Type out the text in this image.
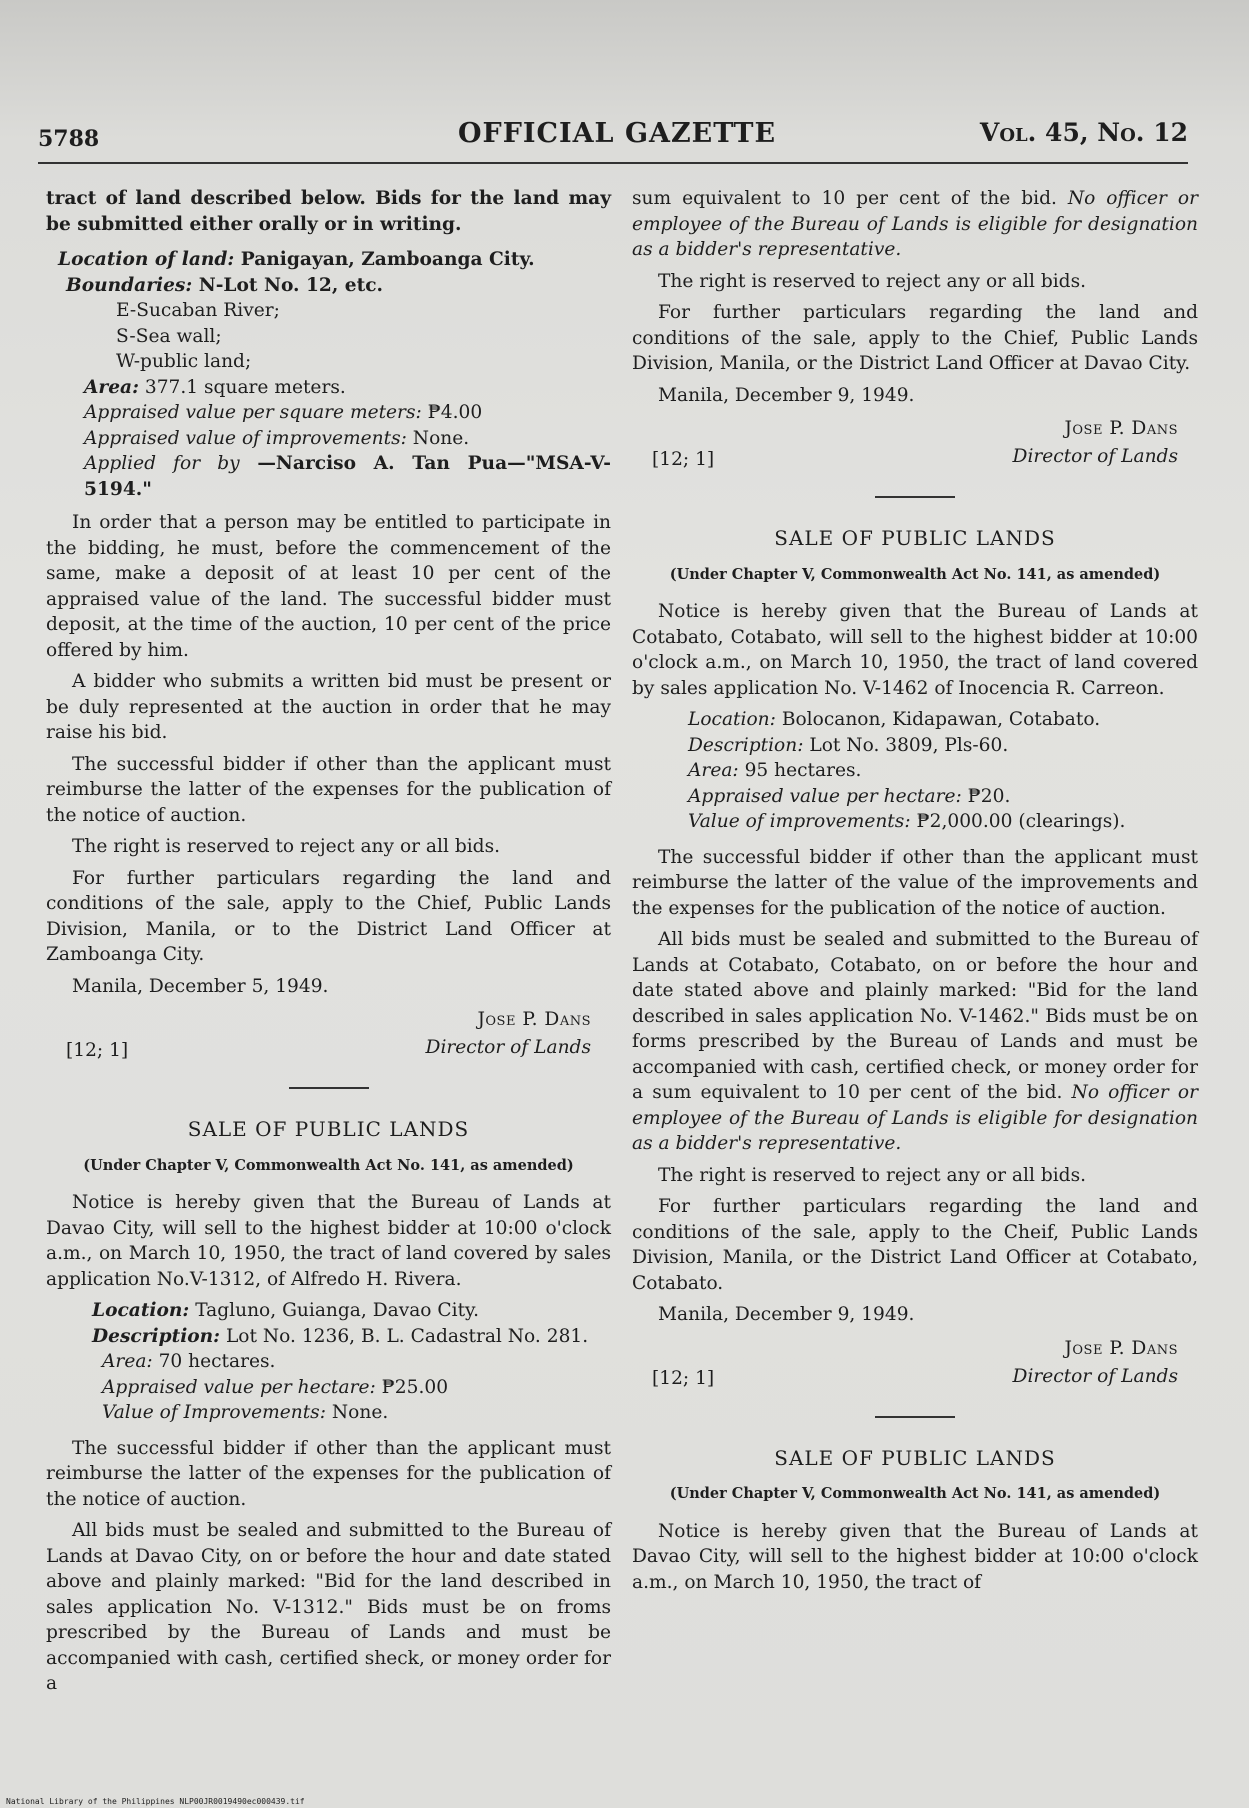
5788	OFFICIAL GAZETTE	Vol. 45, No. 12

tract of land described below. Bids for the land may be submitted either orally or in writing.

Location of land: Panigayan, Zamboanga City.

Boundaries: N-Lot No. 12, etc.

E-Sucaban River;

S-Sea wall;

W-public land;

Area: 377.1 square meters.

Appraised value per square meters: ₱4.00

Appraised value of improvements: None.

Applied for by —Narciso A. Tan Pua—"MSA-V-5194."

In order that a person may be entitled to participate in the bidding, he must, before the commencement of the same, make a deposit of at least 10 per cent of the appraised value of the land. The successful bidder must deposit, at the time of the auction, 10 per cent of the price offered by him.

A bidder who submits a written bid must be present or be duly represented at the auction in order that he may raise his bid.

The successful bidder if other than the applicant must reimburse the latter of the expenses for the publication of the notice of auction.

The right is reserved to reject any or all bids.

For further particulars regarding the land and conditions of the sale, apply to the Chief, Public Lands Division, Manila, or to the District Land Officer at Zamboanga City.

Manila, December 5, 1949.

Jose P. Dans
Director of Lands
[12; 1]
SALE OF PUBLIC LANDS
(Under Chapter V, Commonwealth Act No. 141, as amended)

Notice is hereby given that the Bureau of Lands at Davao City, will sell to the highest bidder at 10:00 o'clock a.m., on March 10, 1950, the tract of land covered by sales application No.V-1312, of Alfredo H. Rivera.

Location: Tagluno, Guianga, Davao City.

Description: Lot No. 1236, B. L. Cadastral No. 281.

Area: 70 hectares.

Appraised value per hectare: ₱25.00

Value of Improvements: None.

The successful bidder if other than the applicant must reimburse the latter of the expenses for the publication of the notice of auction.

All bids must be sealed and submitted to the Bureau of Lands at Davao City, on or before the hour and date stated above and plainly marked: "Bid for the land described in sales application No. V-1312." Bids must be on froms prescribed by the Bureau of Lands and must be accompanied with cash, certified sheck, or money order for a

sum equivalent to 10 per cent of the bid. No officer or employee of the Bureau of Lands is eligible for designation as a bidder's representative.

The right is reserved to reject any or all bids.

For further particulars regarding the land and conditions of the sale, apply to the Chief, Public Lands Division, Manila, or the District Land Officer at Davao City.

Manila, December 9, 1949.

Jose P. Dans
Director of Lands
[12; 1]
SALE OF PUBLIC LANDS
(Under Chapter V, Commonwealth Act No. 141, as amended)

Notice is hereby given that the Bureau of Lands at Cotabato, Cotabato, will sell to the highest bidder at 10:00 o'clock a.m., on March 10, 1950, the tract of land covered by sales application No. V-1462 of Inocencia R. Carreon.

Location: Bolocanon, Kidapawan, Cotabato.

Description: Lot No. 3809, Pls-60.

Area: 95 hectares.

Appraised value per hectare: ₱20.

Value of improvements: ₱2,000.00 (clearings).

The successful bidder if other than the applicant must reimburse the latter of the value of the improvements and the expenses for the publication of the notice of auction.

All bids must be sealed and submitted to the Bureau of Lands at Cotabato, Cotabato, on or before the hour and date stated above and plainly marked: "Bid for the land described in sales application No. V-1462." Bids must be on forms prescribed by the Bureau of Lands and must be accompanied with cash, certified check, or money order for a sum equivalent to 10 per cent of the bid. No officer or employee of the Bureau of Lands is eligible for designation as a bidder's representative.

The right is reserved to reject any or all bids.

For further particulars regarding the land and conditions of the sale, apply to the Cheif, Public Lands Division, Manila, or the District Land Officer at Cotabato, Cotabato.

Manila, December 9, 1949.

Jose P. Dans
Director of Lands
[12; 1]
SALE OF PUBLIC LANDS
(Under Chapter V, Commonwealth Act No. 141, as amended)

Notice is hereby given that the Bureau of Lands at Davao City, will sell to the highest bidder at 10:00 o'clock a.m., on March 10, 1950, the tract of

National Library of the Philippines NLP00JR0019490ec000439.tif
